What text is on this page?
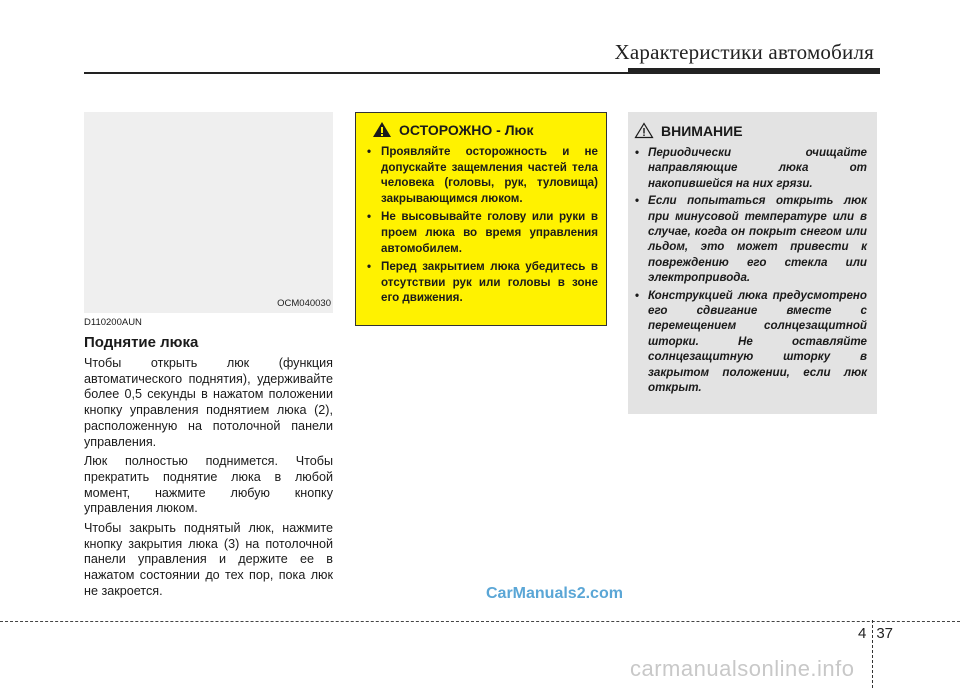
Характеристики автомобиля
OCM040030
D110200AUN
Поднятие люка

Чтобы открыть люк (функция автоматического поднятия), удерживайте более 0,5 секунды в нажатом положении кнопку управления поднятием люка (2), расположенную на потолочной панели управления.

Люк полностью поднимется. Чтобы прекратить поднятие люка в любой момент, нажмите любую кнопку управления люком.

Чтобы закрыть поднятый люк, нажмите кнопку закрытия люка (3) на потолочной панели управления и держите ее в нажатом состоянии до тех пор, пока люк не закроется.

ОСТОРОЖНО - Люк
• Проявляйте осторожность и не допускайте защемления частей тела человека (головы, рук, туловища) закрывающимся люком.
• Не высовывайте голову или руки в проем люка во время управления автомобилем.
• Перед закрытием люка убедитесь в отсутствии рук или головы в зоне его движения.
ВНИМАНИЕ
• Периодически очищайте направляющие люка от накопившейся на них грязи.
• Если попытаться открыть люк при минусовой температуре или в случае, когда он покрыт снегом или льдом, это может привести к повреждению его стекла или электропривода.
• Конструкцией люка предусмотрено его сдвигание вместе с перемещением солнцезащитной шторки. Не оставляйте солнцезащитную шторку в закрытом положении, если люк открыт.
CarManuals2.com
4 37
carmanualsonline.info
